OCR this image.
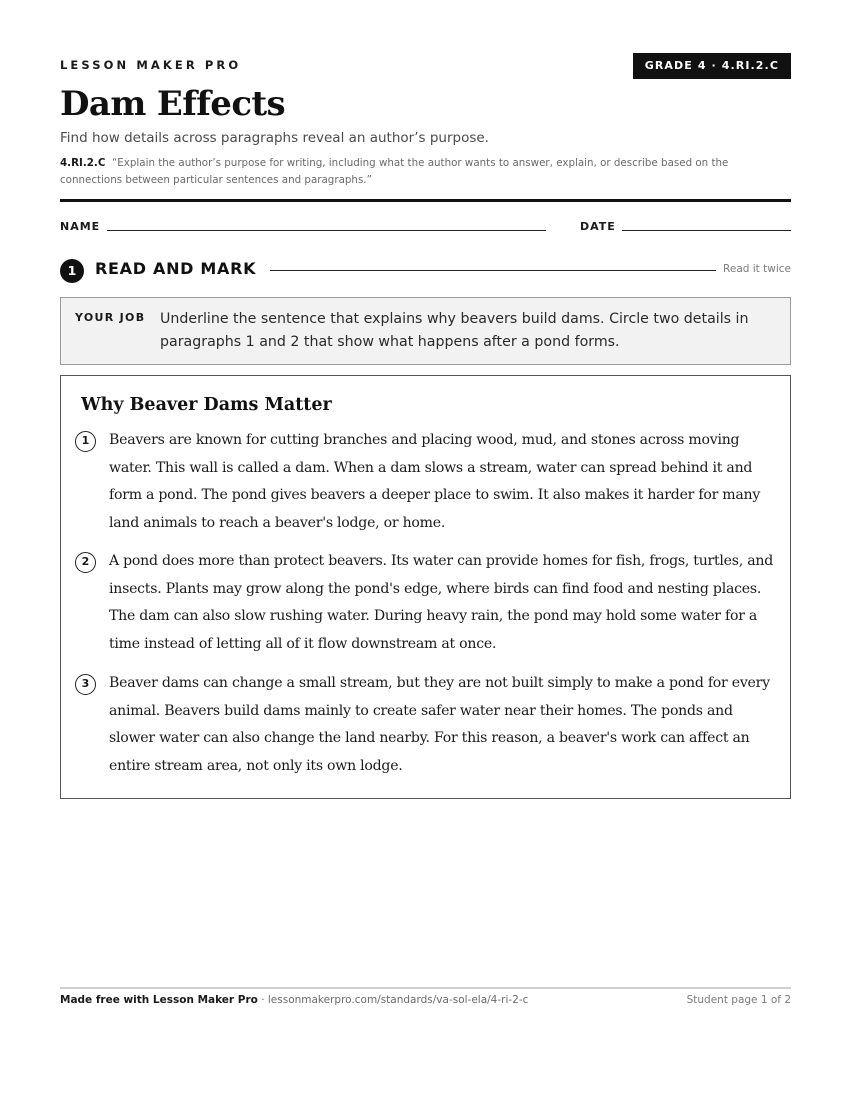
LESSON MAKER PRO	GRADE 4 · 4.RI.2.C
Dam Effects
Find how details across paragraphs reveal an author’s purpose.
4.RI.2.C “Explain the author’s purpose for writing, including what the author wants to answer, explain, or describe based on the connections between particular sentences and paragraphs.”
NAME	DATE
1	READ AND MARK	Read it twice
YOUR JOB Underline the sentence that explains why beavers build dams. Circle two details in paragraphs 1 and 2 that show what happens after a pond forms.
Why Beaver Dams Matter
1	Beavers are known for cutting branches and placing wood, mud, and stones across moving water. This wall is called a dam. When a dam slows a stream, water can spread behind it and form a pond. The pond gives beavers a deeper place to swim. It also makes it harder for many land animals to reach a beaver's lodge, or home.
2	A pond does more than protect beavers. Its water can provide homes for fish, frogs, turtles, and insects. Plants may grow along the pond's edge, where birds can find food and nesting places. The dam can also slow rushing water. During heavy rain, the pond may hold some water for a time instead of letting all of it flow downstream at once.
3	Beaver dams can change a small stream, but they are not built simply to make a pond for every animal. Beavers build dams mainly to create safer water near their homes. The ponds and slower water can also change the land nearby. For this reason, a beaver's work can affect an entire stream area, not only its own lodge.
Made free with Lesson Maker Pro · lessonmakerpro.com/standards/va-sol-ela/4-ri-2-c	Student page 1 of 2
